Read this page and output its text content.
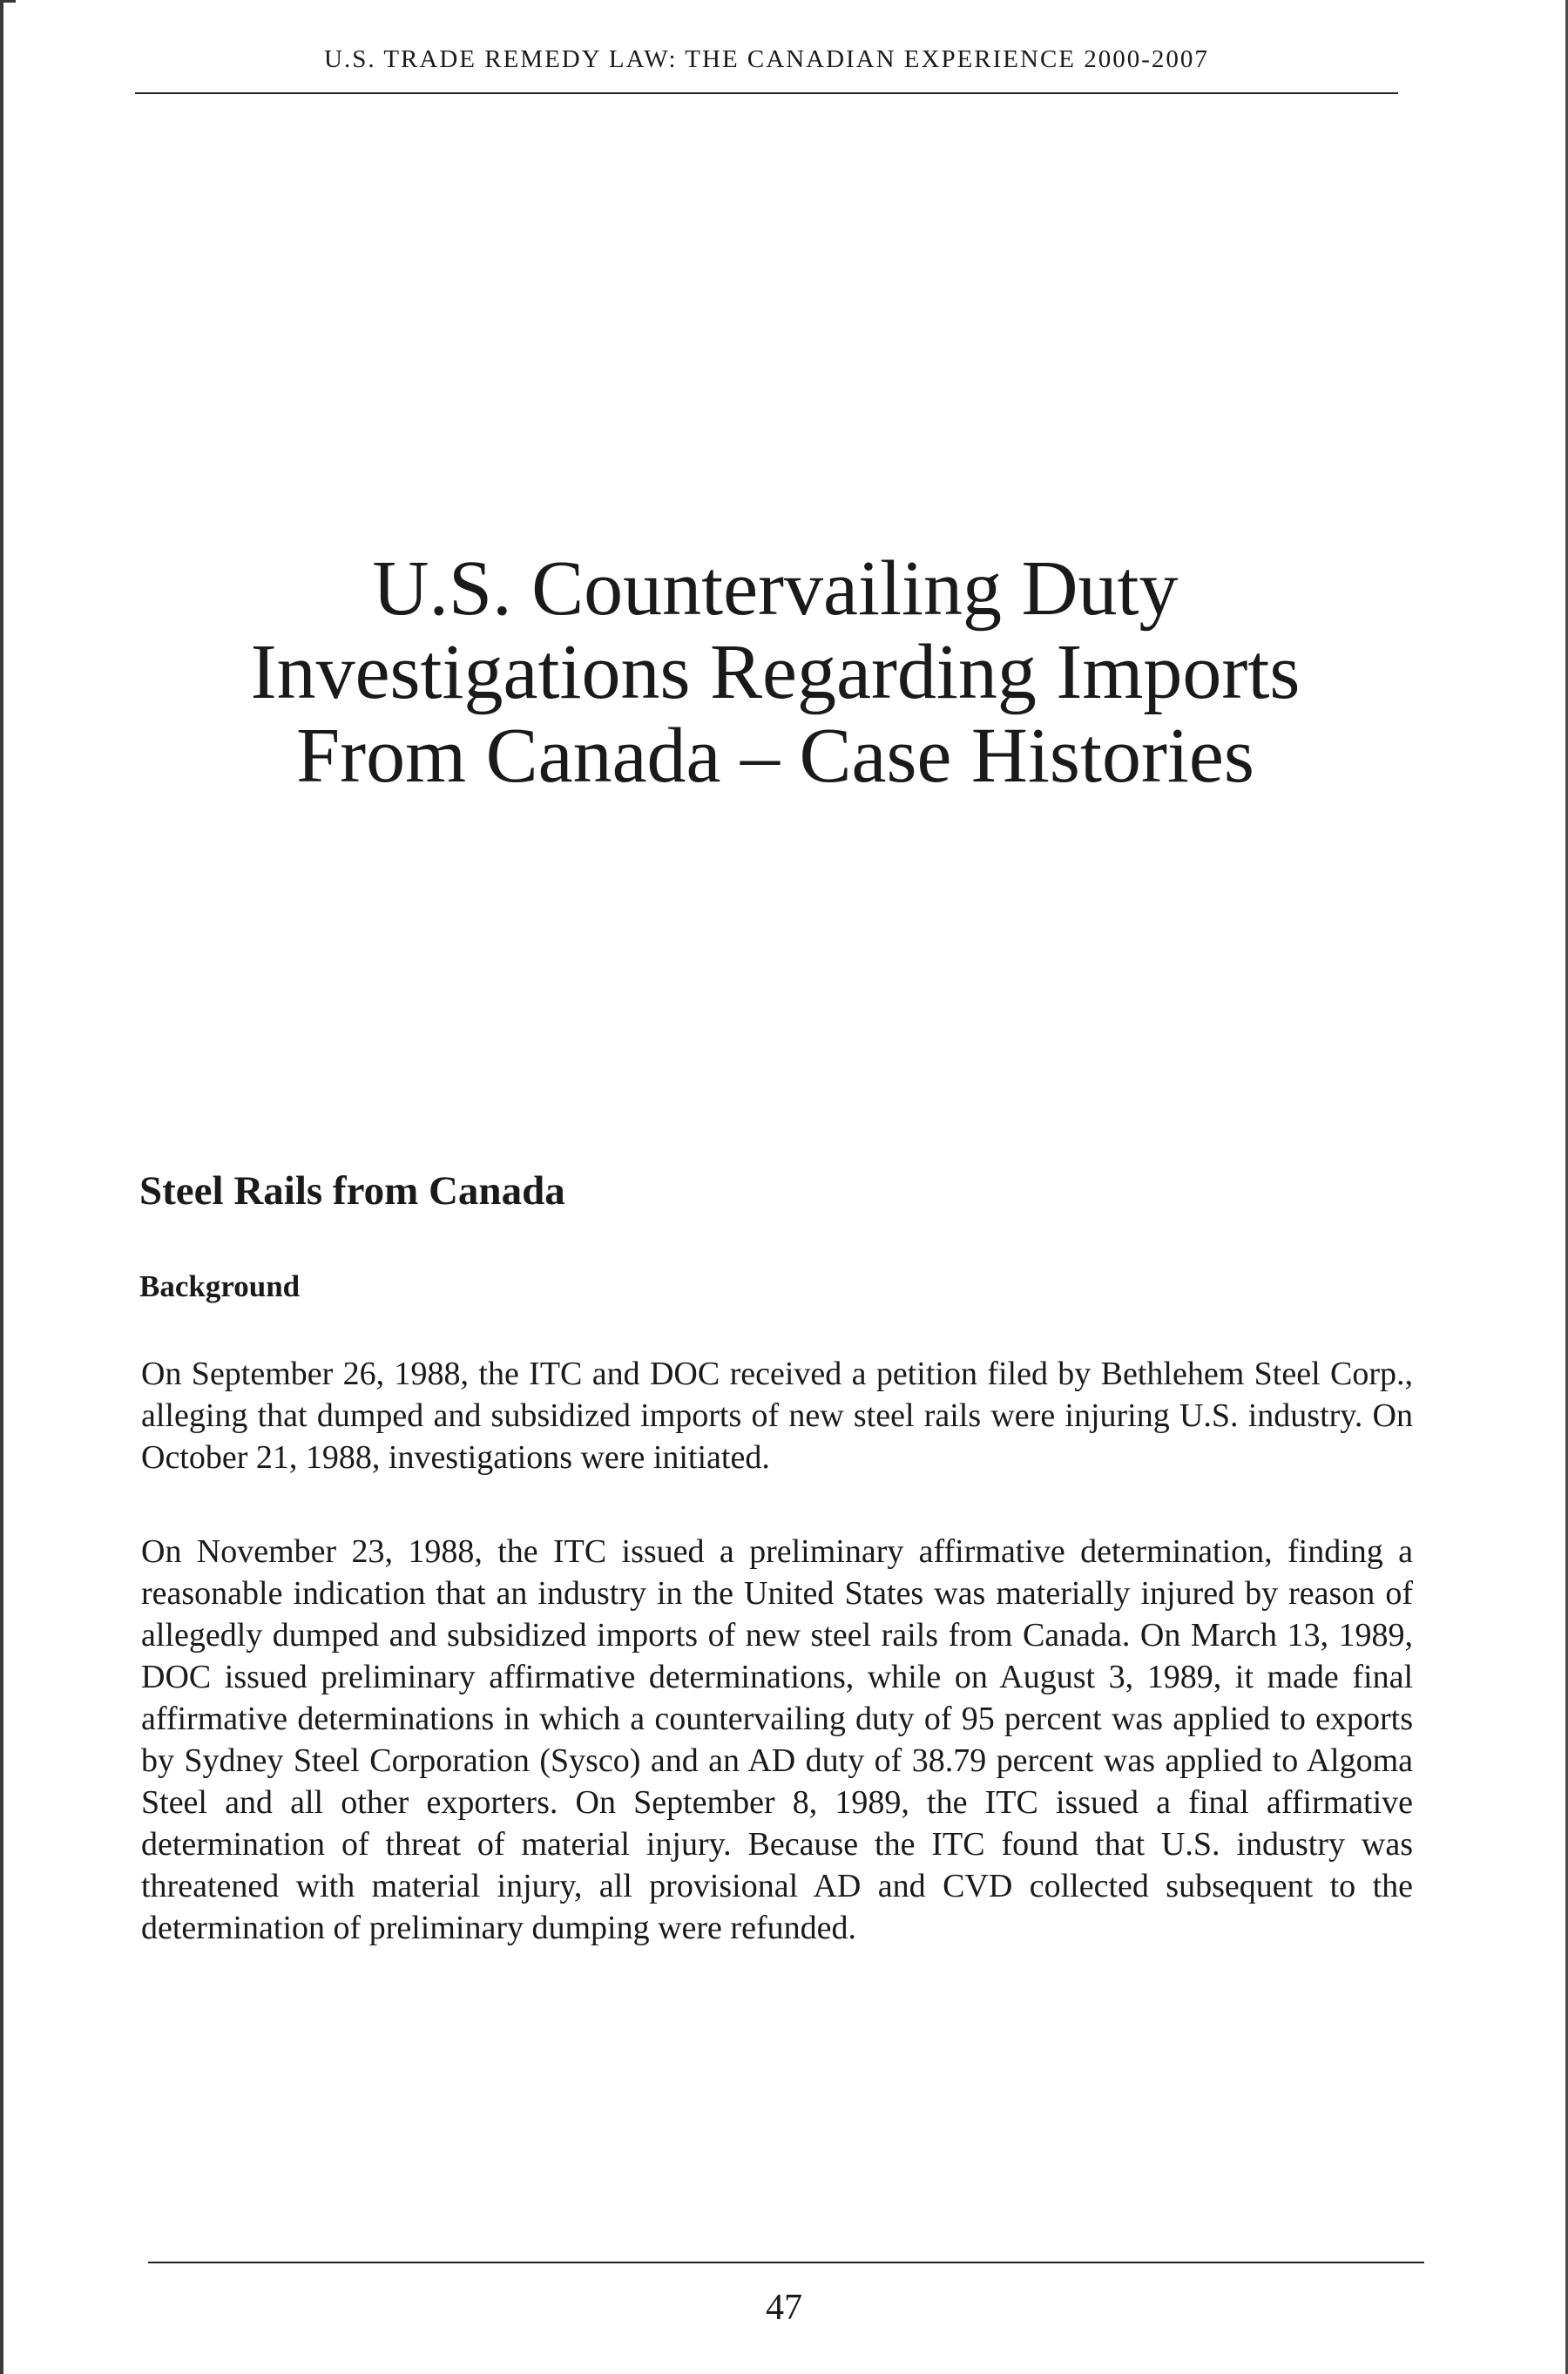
U.S. TRADE REMEDY LAW: THE CANADIAN EXPERIENCE 2000-2007
U.S. Countervailing Duty
Investigations Regarding Imports
From Canada – Case Histories
Steel Rails from Canada
Background

On September 26, 1988, the ITC and DOC received a petition filed by Bethlehem Steel Corp., alleging that dumped and subsidized imports of new steel rails were injuring U.S. industry. On October 21, 1988, investigations were initiated.

On November 23, 1988, the ITC issued a preliminary affirmative determination, finding a reasonable indication that an industry in the United States was materially injured by reason of allegedly dumped and subsidized imports of new steel rails from Canada. On March 13, 1989, DOC issued preliminary affirmative determinations, while on August 3, 1989, it made final affirmative determinations in which a countervailing duty of 95 percent was applied to exports by Sydney Steel Corporation (Sysco) and an AD duty of 38.79 percent was applied to Algoma Steel and all other exporters. On September 8, 1989, the ITC issued a final affirmative determination of threat of material injury. Because the ITC found that U.S. industry was threatened with material injury, all provisional AD and CVD collected subsequent to the determination of preliminary dumping were refunded.

47
